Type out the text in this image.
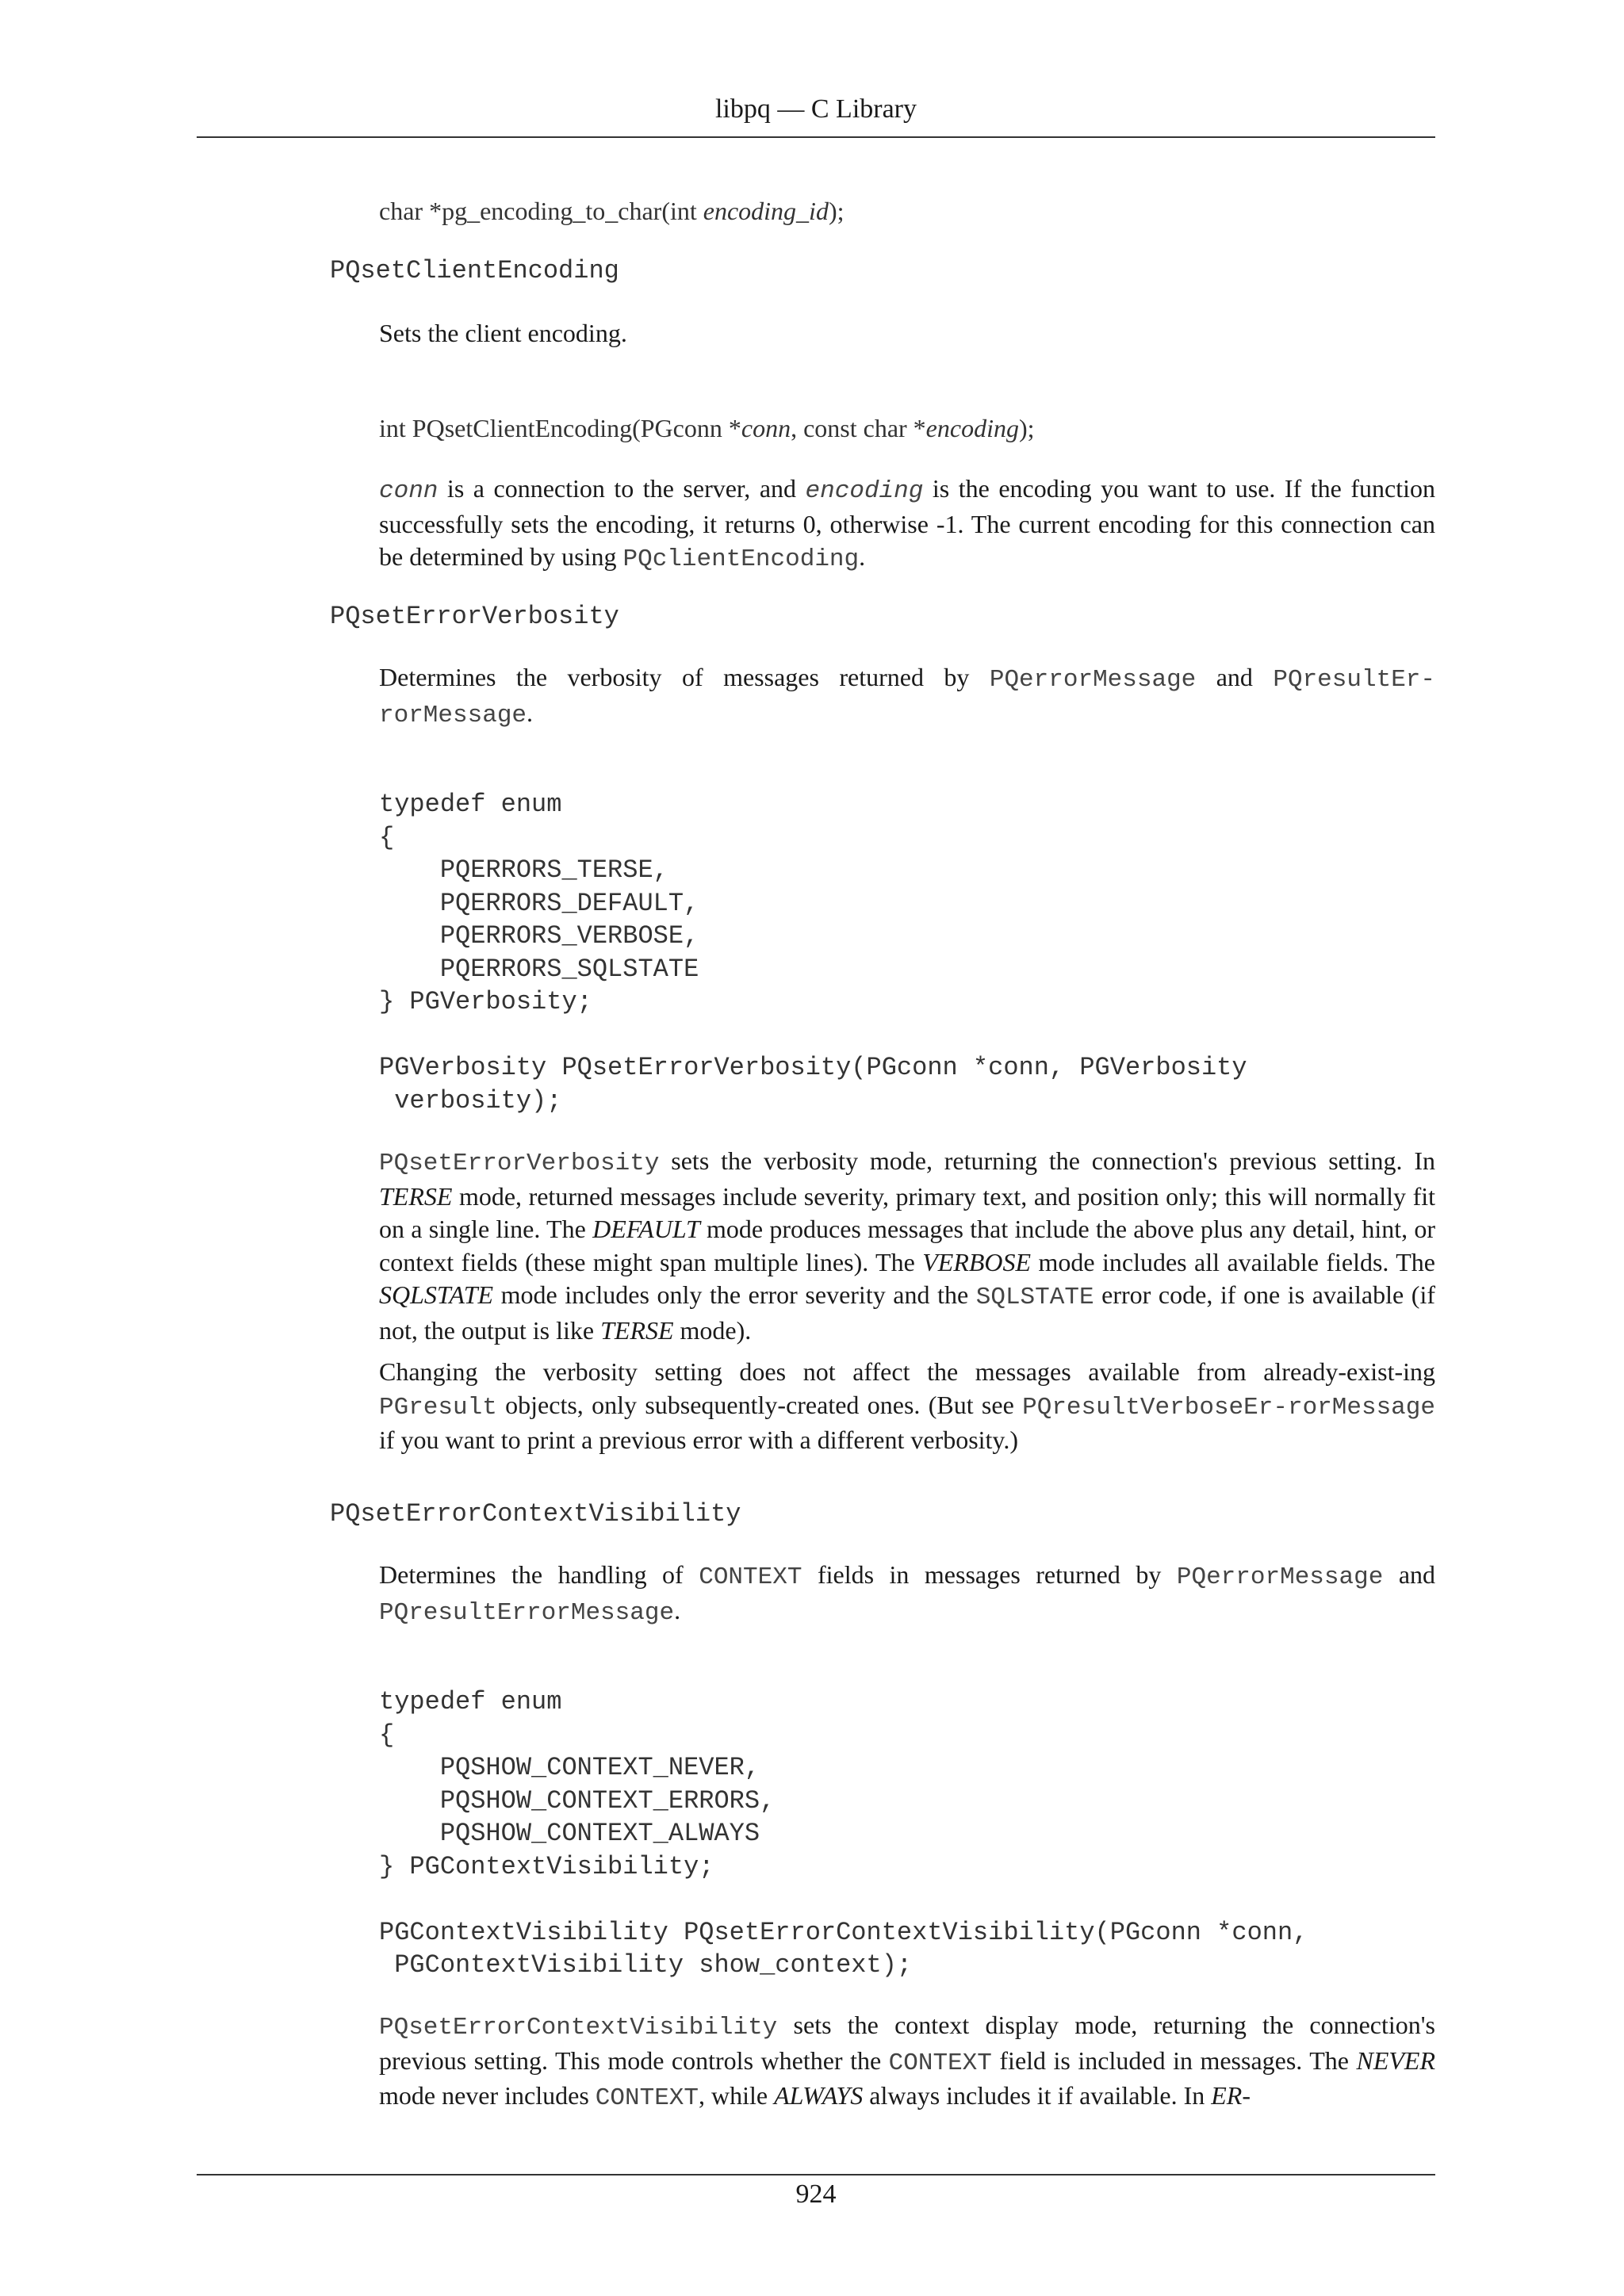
libpq — C Library
char *pg_encoding_to_char(int encoding_id);
PQsetClientEncoding
Sets the client encoding.
int PQsetClientEncoding(PGconn *conn, const char *encoding);
conn is a connection to the server, and encoding is the encoding you want to use. If the function successfully sets the encoding, it returns 0, otherwise -1. The current encoding for this connection can be determined by using PQclientEncoding.
PQsetErrorVerbosity
Determines the verbosity of messages returned by PQerrorMessage and PQresultEr-rorMessage.
typedef enum
{
PQERRORS_TERSE,
PQERRORS_DEFAULT,
PQERRORS_VERBOSE,
PQERRORS_SQLSTATE
} PGVerbosity;

PGVerbosity PQsetErrorVerbosity(PGconn *conn, PGVerbosity
verbosity);
PQsetErrorVerbosity sets the verbosity mode, returning the connection's previous setting. In TERSE mode, returned messages include severity, primary text, and position only; this will normally fit on a single line. The DEFAULT mode produces messages that include the above plus any detail, hint, or context fields (these might span multiple lines). The VERBOSE mode includes all available fields. The SQLSTATE mode includes only the error severity and the SQLSTATE error code, if one is available (if not, the output is like TERSE mode).
Changing the verbosity setting does not affect the messages available from already-exist-ing PGresult objects, only subsequently-created ones. (But see PQresultVerboseEr-rorMessage if you want to print a previous error with a different verbosity.)
PQsetErrorContextVisibility
Determines the handling of CONTEXT fields in messages returned by PQerrorMessage and PQresultErrorMessage.
typedef enum
{
PQSHOW_CONTEXT_NEVER,
PQSHOW_CONTEXT_ERRORS,
PQSHOW_CONTEXT_ALWAYS
} PGContextVisibility;

PGContextVisibility PQsetErrorContextVisibility(PGconn *conn,
PGContextVisibility show_context);
PQsetErrorContextVisibility sets the context display mode, returning the connection's previous setting. This mode controls whether the CONTEXT field is included in messages. The NEVER mode never includes CONTEXT, while ALWAYS always includes it if available. In ER-
924
